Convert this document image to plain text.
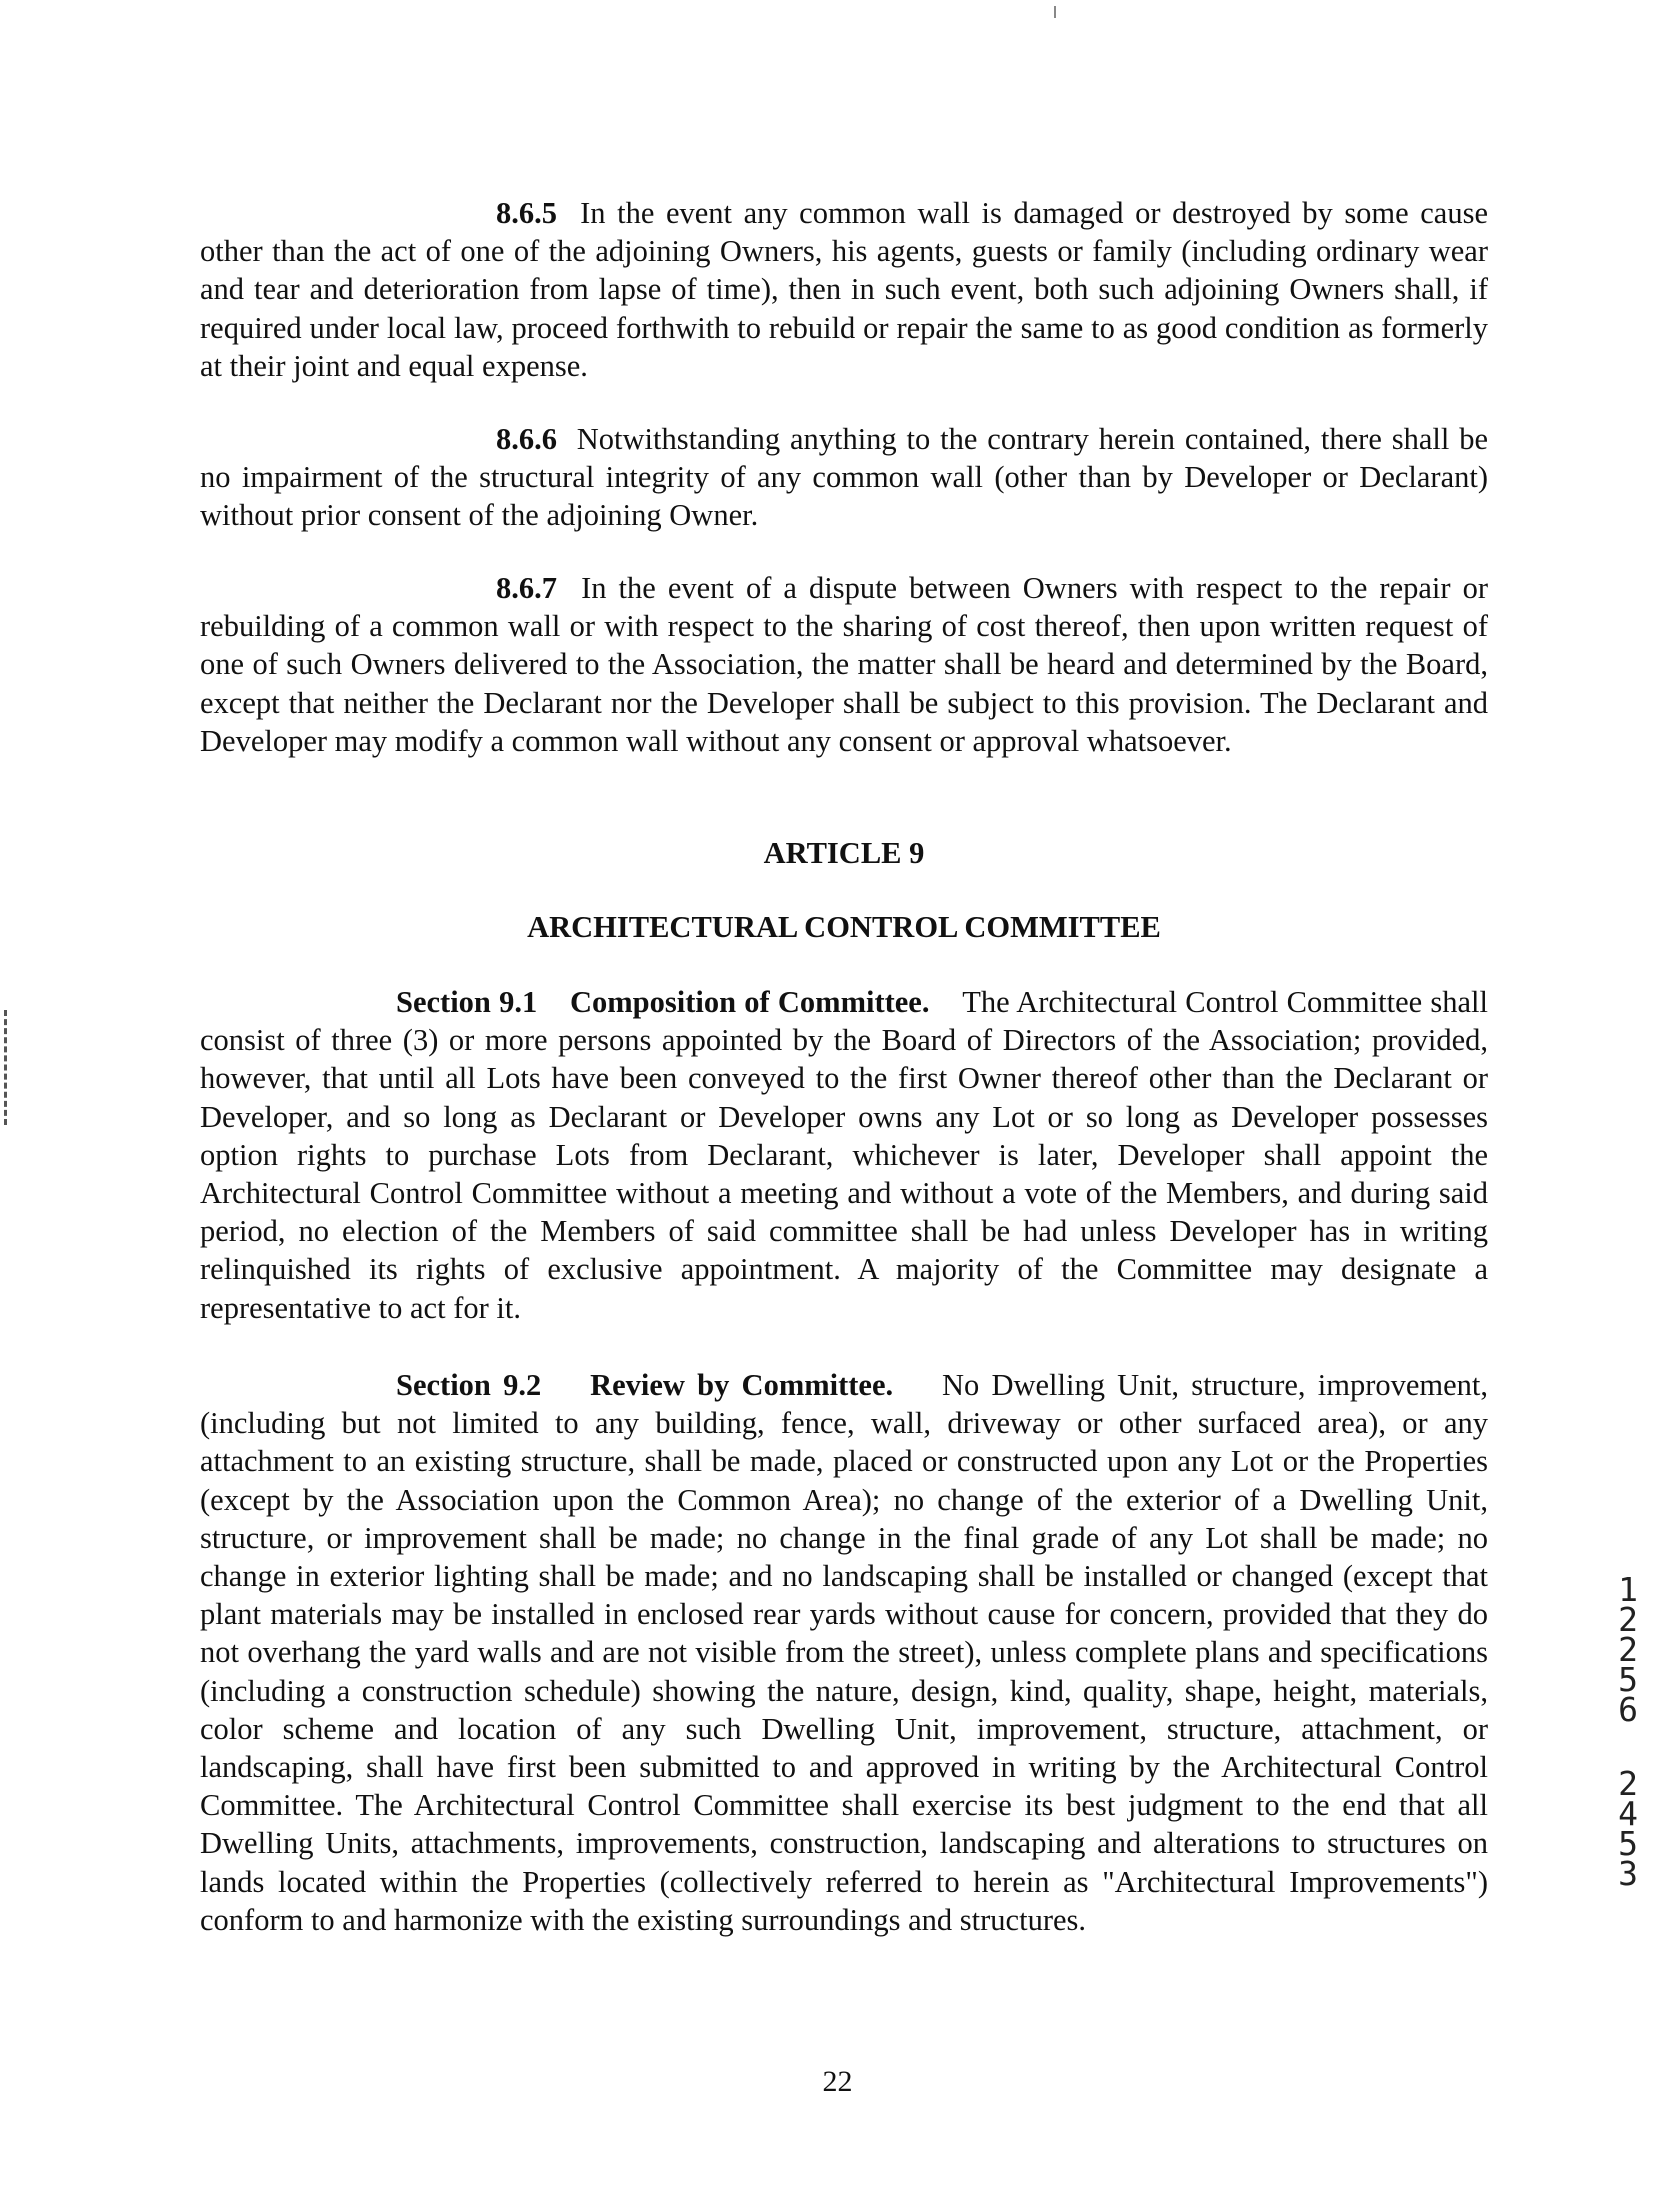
8.6.5 In the event any common wall is damaged or destroyed by some cause other than the act of one of the adjoining Owners, his agents, guests or family (including ordinary wear and tear and deterioration from lapse of time), then in such event, both such adjoining Owners shall, if required under local law, proceed forthwith to rebuild or repair the same to as good condition as formerly at their joint and equal expense.

8.6.6 Notwithstanding anything to the contrary herein contained, there shall be no impairment of the structural integrity of any common wall (other than by Developer or Declarant) without prior consent of the adjoining Owner.

8.6.7 In the event of a dispute between Owners with respect to the repair or rebuilding of a common wall or with respect to the sharing of cost thereof, then upon written request of one of such Owners delivered to the Association, the matter shall be heard and determined by the Board, except that neither the Declarant nor the Developer shall be subject to this provision. The Declarant and Developer may modify a common wall without any consent or approval whatsoever.

ARTICLE 9

ARCHITECTURAL CONTROL COMMITTEE

Section 9.1 Composition of Committee. The Architectural Control Committee shall consist of three (3) or more persons appointed by the Board of Directors of the Association; provided, however, that until all Lots have been conveyed to the first Owner thereof other than the Declarant or Developer, and so long as Declarant or Developer owns any Lot or so long as Developer possesses option rights to purchase Lots from Declarant, whichever is later, Developer shall appoint the Architectural Control Committee without a meeting and without a vote of the Members, and during said period, no election of the Members of said committee shall be had unless Developer has in writing relinquished its rights of exclusive appointment. A majority of the Committee may designate a representative to act for it.

Section 9.2 Review by Committee. No Dwelling Unit, structure, improvement, (including but not limited to any building, fence, wall, driveway or other surfaced area), or any attachment to an existing structure, shall be made, placed or constructed upon any Lot or the Properties (except by the Association upon the Common Area); no change of the exterior of a Dwelling Unit, structure, or improvement shall be made; no change in the final grade of any Lot shall be made; no change in exterior lighting shall be made; and no landscaping shall be installed or changed (except that plant materials may be installed in enclosed rear yards without cause for concern, provided that they do not overhang the yard walls and are not visible from the street), unless complete plans and specifications (including a construction schedule) showing the nature, design, kind, quality, shape, height, materials, color scheme and location of any such Dwelling Unit, improvement, structure, attachment, or landscaping, shall have first been submitted to and approved in writing by the Architectural Control Committee. The Architectural Control Committee shall exercise its best judgment to the end that all Dwelling Units, attachments, improvements, construction, landscaping and alterations to structures on lands located within the Properties (collectively referred to herein as "Architectural Improvements") conform to and harmonize with the existing surroundings and structures.

12256
2453
22
